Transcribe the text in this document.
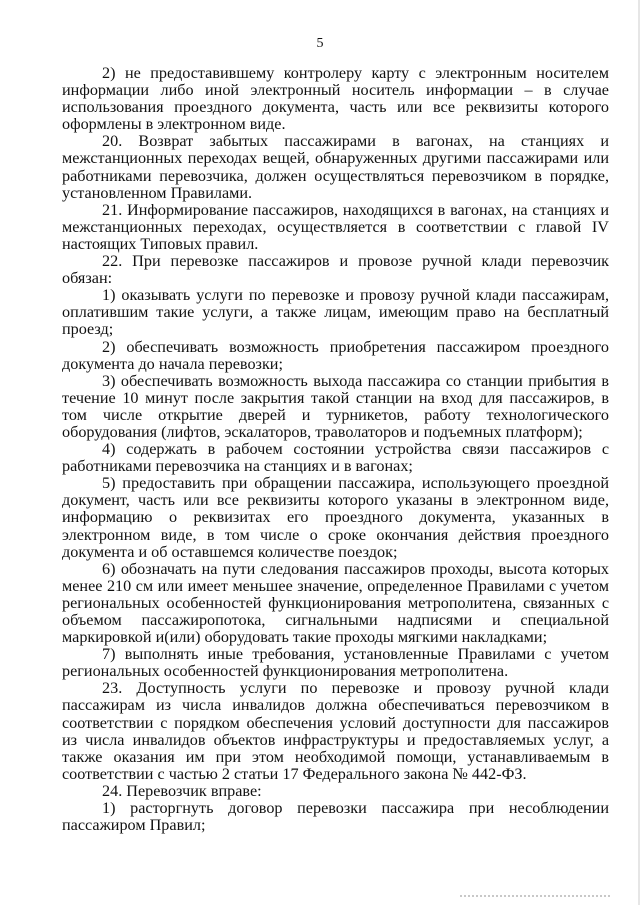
5

2) не предоставившему контролеру карту с электронным носителем информации либо иной электронный носитель информации – в случае использования проездного документа, часть или все реквизиты которого оформлены в электронном виде.

20. Возврат забытых пассажирами в вагонах, на станциях и межстанционных переходах вещей, обнаруженных другими пассажирами или работниками перевозчика, должен осуществляться перевозчиком в порядке, установленном Правилами.

21. Информирование пассажиров, находящихся в вагонах, на станциях и межстанционных переходах, осуществляется в соответствии с главой IV настоящих Типовых правил.

22. При перевозке пассажиров и провозе ручной клади перевозчик обязан:

1) оказывать услуги по перевозке и провозу ручной клади пассажирам, оплатившим такие услуги, а также лицам, имеющим право на бесплатный проезд;

2) обеспечивать возможность приобретения пассажиром проездного документа до начала перевозки;

3) обеспечивать возможность выхода пассажира со станции прибытия в течение 10 минут после закрытия такой станции на вход для пассажиров, в том числе открытие дверей и турникетов, работу технологического оборудования (лифтов, эскалаторов, траволаторов и подъемных платформ);

4) содержать в рабочем состоянии устройства связи пассажиров с работниками перевозчика на станциях и в вагонах;

5) предоставить при обращении пассажира, использующего проездной документ, часть или все реквизиты которого указаны в электронном виде, информацию о реквизитах его проездного документа, указанных в электронном виде, в том числе о сроке окончания действия проездного документа и об оставшемся количестве поездок;

6) обозначать на пути следования пассажиров проходы, высота которых менее 210 см или имеет меньшее значение, определенное Правилами с учетом региональных особенностей функционирования метрополитена, связанных с объемом пассажиропотока, сигнальными надписями и специальной маркировкой и(или) оборудовать такие проходы мягкими накладками;

7) выполнять иные требования, установленные Правилами с учетом региональных особенностей функционирования метрополитена.

23. Доступность услуги по перевозке и провозу ручной клади пассажирам из числа инвалидов должна обеспечиваться перевозчиком в соответствии с порядком обеспечения условий доступности для пассажиров из числа инвалидов объектов инфраструктуры и предоставляемых услуг, а также оказания им при этом необходимой помощи, устанавливаемым в соответствии с частью 2 статьи 17 Федерального закона № 442-ФЗ.

24. Перевозчик вправе:

1) расторгнуть договор перевозки пассажира при несоблюдении пассажиром Правил;
